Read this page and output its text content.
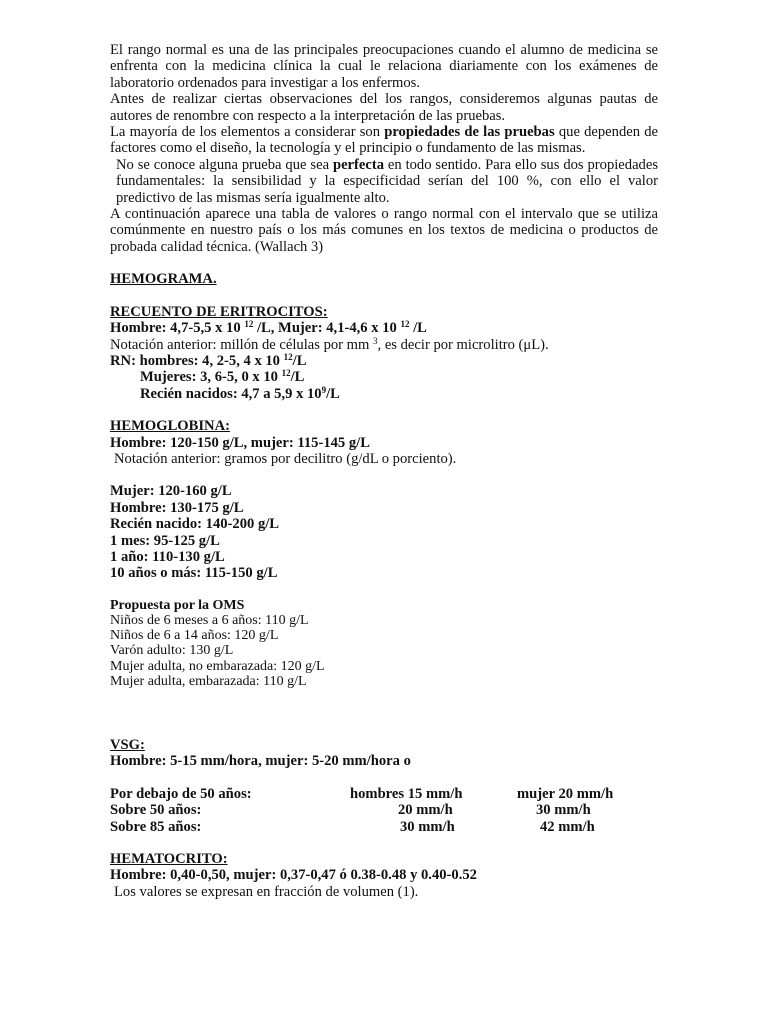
El rango normal es una de las principales preocupaciones cuando el alumno de medicina se enfrenta con la medicina clínica la cual le relaciona diariamente con los exámenes de laboratorio ordenados para investigar a los enfermos.

Antes de realizar ciertas observaciones del los rangos, consideremos algunas pautas de autores de renombre con respecto a la interpretación de las pruebas.

La mayoría de los elementos a considerar son propiedades de las pruebas que dependen de factores como el diseño, la tecnología y el principio o fundamento de las mismas.

No se conoce alguna prueba que sea perfecta en todo sentido. Para ello sus dos propiedades fundamentales: la sensibilidad y la especificidad serían del 100 %, con ello el valor predictivo de las mismas sería igualmente alto.

A continuación aparece una tabla de valores o rango normal con el intervalo que se utiliza comúnmente en nuestro país o los más comunes en los textos de medicina o productos de probada calidad técnica. (Wallach 3)

HEMOGRAMA.

RECUENTO DE ERITROCITOS:

Hombre: 4,7-5,5 x 10 $^{12}$ /L, Mujer: 4,1-4,6 x 10 $^{12}$ /L

Notación anterior: millón de células por mm $^3$, es decir por microlitro (μL).

RN: hombres: 4, 2-5, 4 x 10 $^{12}$/L

Mujeres: 3, 6-5, 0 x 10 $^{12}$/L

Recién nacidos: 4,7 a 5,9 x $10^9/L$

HEMOGLOBINA:

Hombre: 120-150 g/L, mujer: 115-145 g/L

Notación anterior: gramos por decilitro (g/dL o porciento).

Mujer: 120-160 g/L

Hombre: 130-175 g/L

Recién nacido: 140-200 g/L

1 mes: 95-125 g/L

1 año: 110-130 g/L

10 años o más: 115-150 g/L

Propuesta por la OMS

Niños de 6 meses a 6 años: 110 g/L

Niños de 6 a 14 años: 120 g/L

Varón adulto: 130 g/L

Mujer adulta, no embarazada: 120 g/L

Mujer adulta, embarazada: 110 g/L

VSG:

Hombre: 5-15 mm/hora, mujer: 5-20 mm/hora o

Por debajo de 50 años:	hombres 15 mm/h	mujer 20 mm/h
Sobre 50 años:	20 mm/h	30 mm/h
Sobre 85 años:	30 mm/h	42 mm/h

HEMATOCRITO:

Hombre: 0,40-0,50, mujer: 0,37-0,47 ó 0.38-0.48 y 0.40-0.52

Los valores se expresan en fracción de volumen (1).
